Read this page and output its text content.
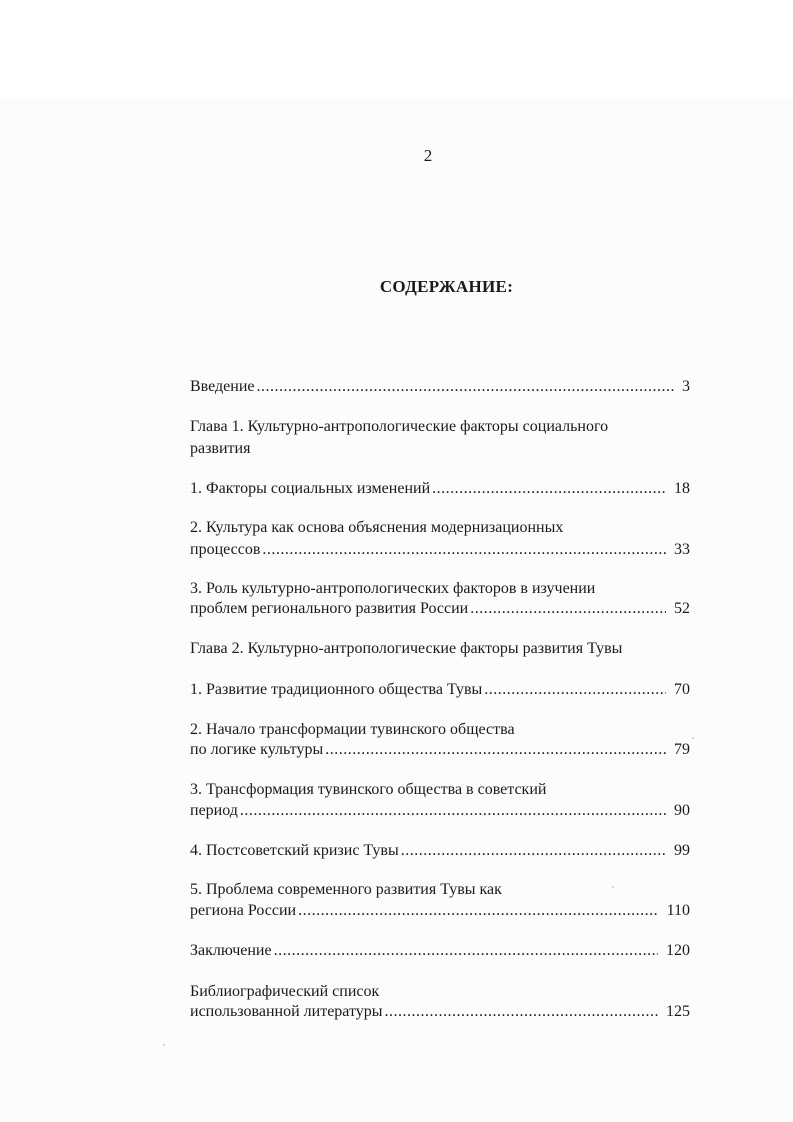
2
СОДЕРЖАНИЕ:
Введение .....	3
Глава 1. Культурно-антропологические факторы социального
развития
1. Факторы социальных изменений .....	18
2. Культура как основа объяснения модернизационных
процессов .....	33
3. Роль культурно-антропологических факторов в изучении
проблем регионального развития России .....	52
Глава 2. Культурно-антропологические факторы развития Тувы
1. Развитие традиционного общества Тувы .....	70
2. Начало трансформации тувинского общества
по логике культуры .....	79
3. Трансформация тувинского общества в советский
период .....	90
4. Постсоветский кризис Тувы .....	99
5. Проблема современного развития Тувы как
региона России .....	110
Заключение .....	120
Библиографический список
использованной литературы .....	125
